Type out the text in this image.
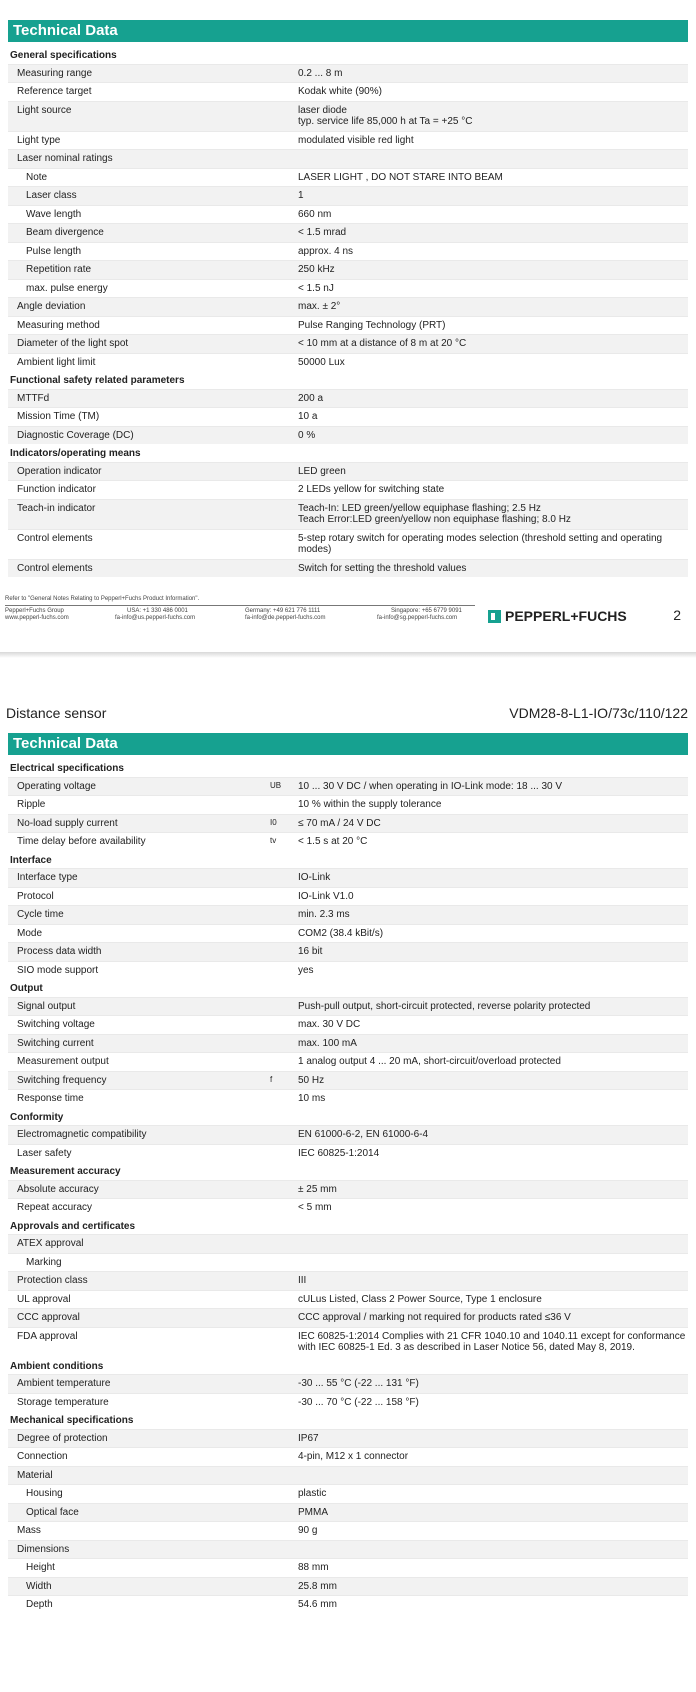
Technical Data
General specifications		
Measuring range		0.2 ... 8 m
Reference target		Kodak white (90%)
Light source		laser diode
typ. service life 85,000 h at Ta = +25 °C
Light type		modulated visible red light
Laser nominal ratings		
Note		LASER LIGHT , DO NOT STARE INTO BEAM
Laser class		1
Wave length		660 nm
Beam divergence		< 1.5 mrad
Pulse length		approx. 4 ns
Repetition rate		250 kHz
max. pulse energy		< 1.5 nJ
Angle deviation		max. ± 2°
Measuring method		Pulse Ranging Technology (PRT)
Diameter of the light spot		< 10 mm at a distance of 8 m at 20 °C
Ambient light limit		50000 Lux
Functional safety related parameters		
MTTFd		200 a
Mission Time (TM)		10 a
Diagnostic Coverage (DC)		0 %
Indicators/operating means		
Operation indicator		LED green
Function indicator		2 LEDs yellow for switching state
Teach-in indicator		Teach-In: LED green/yellow equiphase flashing; 2.5 Hz
Teach Error:LED green/yellow non equiphase flashing; 8.0 Hz
Control elements		5-step rotary switch for operating modes selection (threshold setting and operating modes)
Control elements		Switch for setting the threshold values
Refer to "General Notes Relating to Pepperl+Fuchs Product Information".
Pepperl+Fuchs Group
www.pepperl-fuchs.com
USA: +1 330 486 0001
fa-info@us.pepperl-fuchs.com
Germany: +49 621 776 1111
fa-info@de.pepperl-fuchs.com
Singapore: +65 6779 9091
fa-info@sg.pepperl-fuchs.com	PEPPERL+FUCHS	2
Distance sensor	VDM28-8-L1-IO/73c/110/122
Technical Data
Electrical specifications		
Operating voltage	UB	10 ... 30 V DC / when operating in IO-Link mode: 18 ... 30 V
Ripple		10 % within the supply tolerance
No-load supply current	I0	≤ 70 mA / 24 V DC
Time delay before availability	tv	< 1.5 s at 20 °C
Interface		
Interface type		IO-Link
Protocol		IO-Link V1.0
Cycle time		min. 2.3 ms
Mode		COM2 (38.4 kBit/s)
Process data width		16 bit
SIO mode support		yes
Output		
Signal output		Push-pull output, short-circuit protected, reverse polarity protected
Switching voltage		max. 30 V DC
Switching current		max. 100 mA
Measurement output		1 analog output 4 ... 20 mA, short-circuit/overload protected
Switching frequency	f	50 Hz
Response time		10 ms
Conformity		
Electromagnetic compatibility		EN 61000-6-2, EN 61000-6-4
Laser safety		IEC 60825-1:2014
Measurement accuracy		
Absolute accuracy		± 25 mm
Repeat accuracy		< 5 mm
Approvals and certificates		
ATEX approval		
Marking		
Protection class		III
UL approval		cULus Listed, Class 2 Power Source, Type 1 enclosure
CCC approval		CCC approval / marking not required for products rated ≤36 V
FDA approval		IEC 60825-1:2014 Complies with 21 CFR 1040.10 and 1040.11 except for conformance with IEC 60825-1 Ed. 3 as described in Laser Notice 56, dated May 8, 2019.
Ambient conditions		
Ambient temperature		-30 ... 55 °C (-22 ... 131 °F)
Storage temperature		-30 ... 70 °C (-22 ... 158 °F)
Mechanical specifications		
Degree of protection		IP67
Connection		4-pin, M12 x 1 connector
Material		
Housing		plastic
Optical face		PMMA
Mass		90 g
Dimensions		
Height		88 mm
Width		25.8 mm
Depth		54.6 mm
